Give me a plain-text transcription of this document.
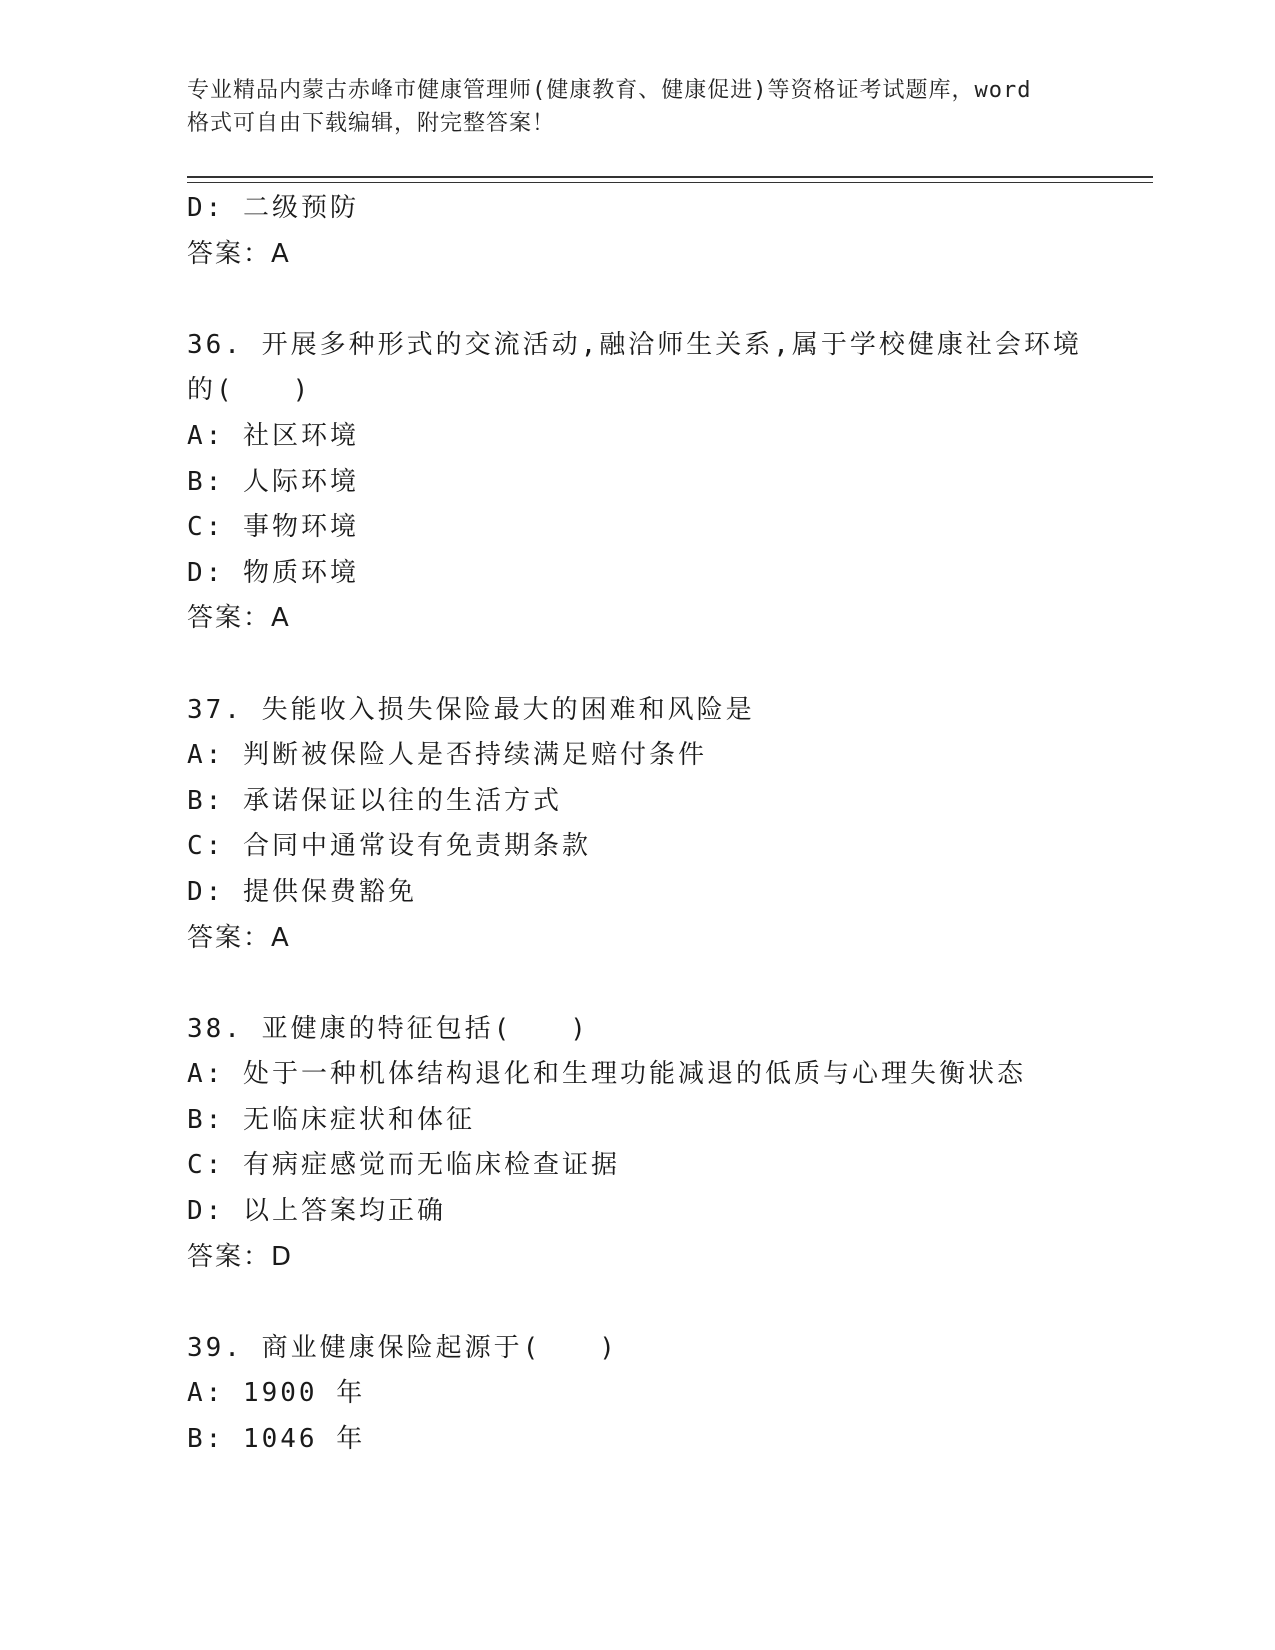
专业精品内蒙古赤峰市健康管理师(健康教育、健康促进)等资格证考试题库，word
格式可自由下载编辑，附完整答案！
D: 二级预防
答案：A
36. 开展多种形式的交流活动,融洽师生关系,属于学校健康社会环境
的(　　)
A: 社区环境
B: 人际环境
C: 事物环境
D: 物质环境
答案：A
37. 失能收入损失保险最大的困难和风险是
A: 判断被保险人是否持续满足赔付条件
B: 承诺保证以往的生活方式
C: 合同中通常设有免责期条款
D: 提供保费豁免
答案：A
38. 亚健康的特征包括(　　)
A: 处于一种机体结构退化和生理功能减退的低质与心理失衡状态
B: 无临床症状和体征
C: 有病症感觉而无临床检查证据
D: 以上答案均正确
答案：D
39. 商业健康保险起源于(　　)
A: 1900 年
B: 1046 年
